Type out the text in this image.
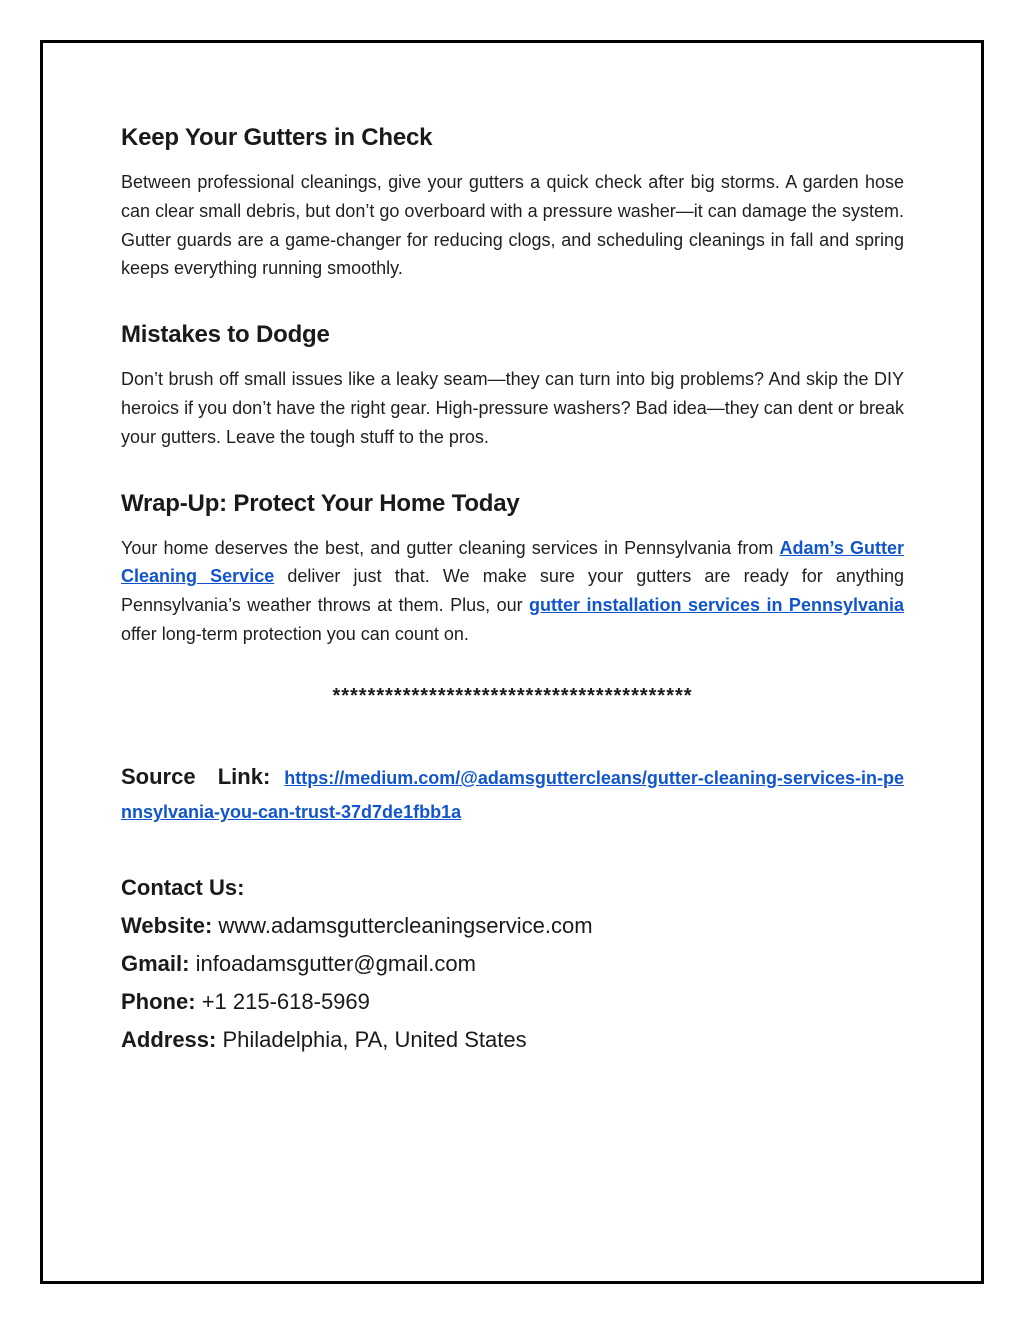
Keep Your Gutters in Check

Between professional cleanings, give your gutters a quick check after big storms. A garden hose can clear small debris, but don’t go overboard with a pressure washer—it can damage the system. Gutter guards are a game-changer for reducing clogs, and scheduling cleanings in fall and spring keeps everything running smoothly.

Mistakes to Dodge

Don’t brush off small issues like a leaky seam—they can turn into big problems? And skip the DIY heroics if you don’t have the right gear. High-pressure washers? Bad idea—they can dent or break your gutters. Leave the tough stuff to the pros.

Wrap-Up: Protect Your Home Today

Your home deserves the best, and gutter cleaning services in Pennsylvania from Adam’s Gutter Cleaning Service deliver just that. We make sure your gutters are ready for anything Pennsylvania’s weather throws at them. Plus, our gutter installation services in Pennsylvania offer long-term protection you can count on.

*****************************************
Source Link: https://medium.com/@adamsguttercleans/gutter-cleaning-services-in-pennsylvania-you-can-trust-37d7de1fbb1a
Contact Us:
Website: www.adamsguttercleaningservice.com
Gmail: infoadamsgutter@gmail.com
Phone: +1 215-618-5969
Address: Philadelphia, PA, United States
